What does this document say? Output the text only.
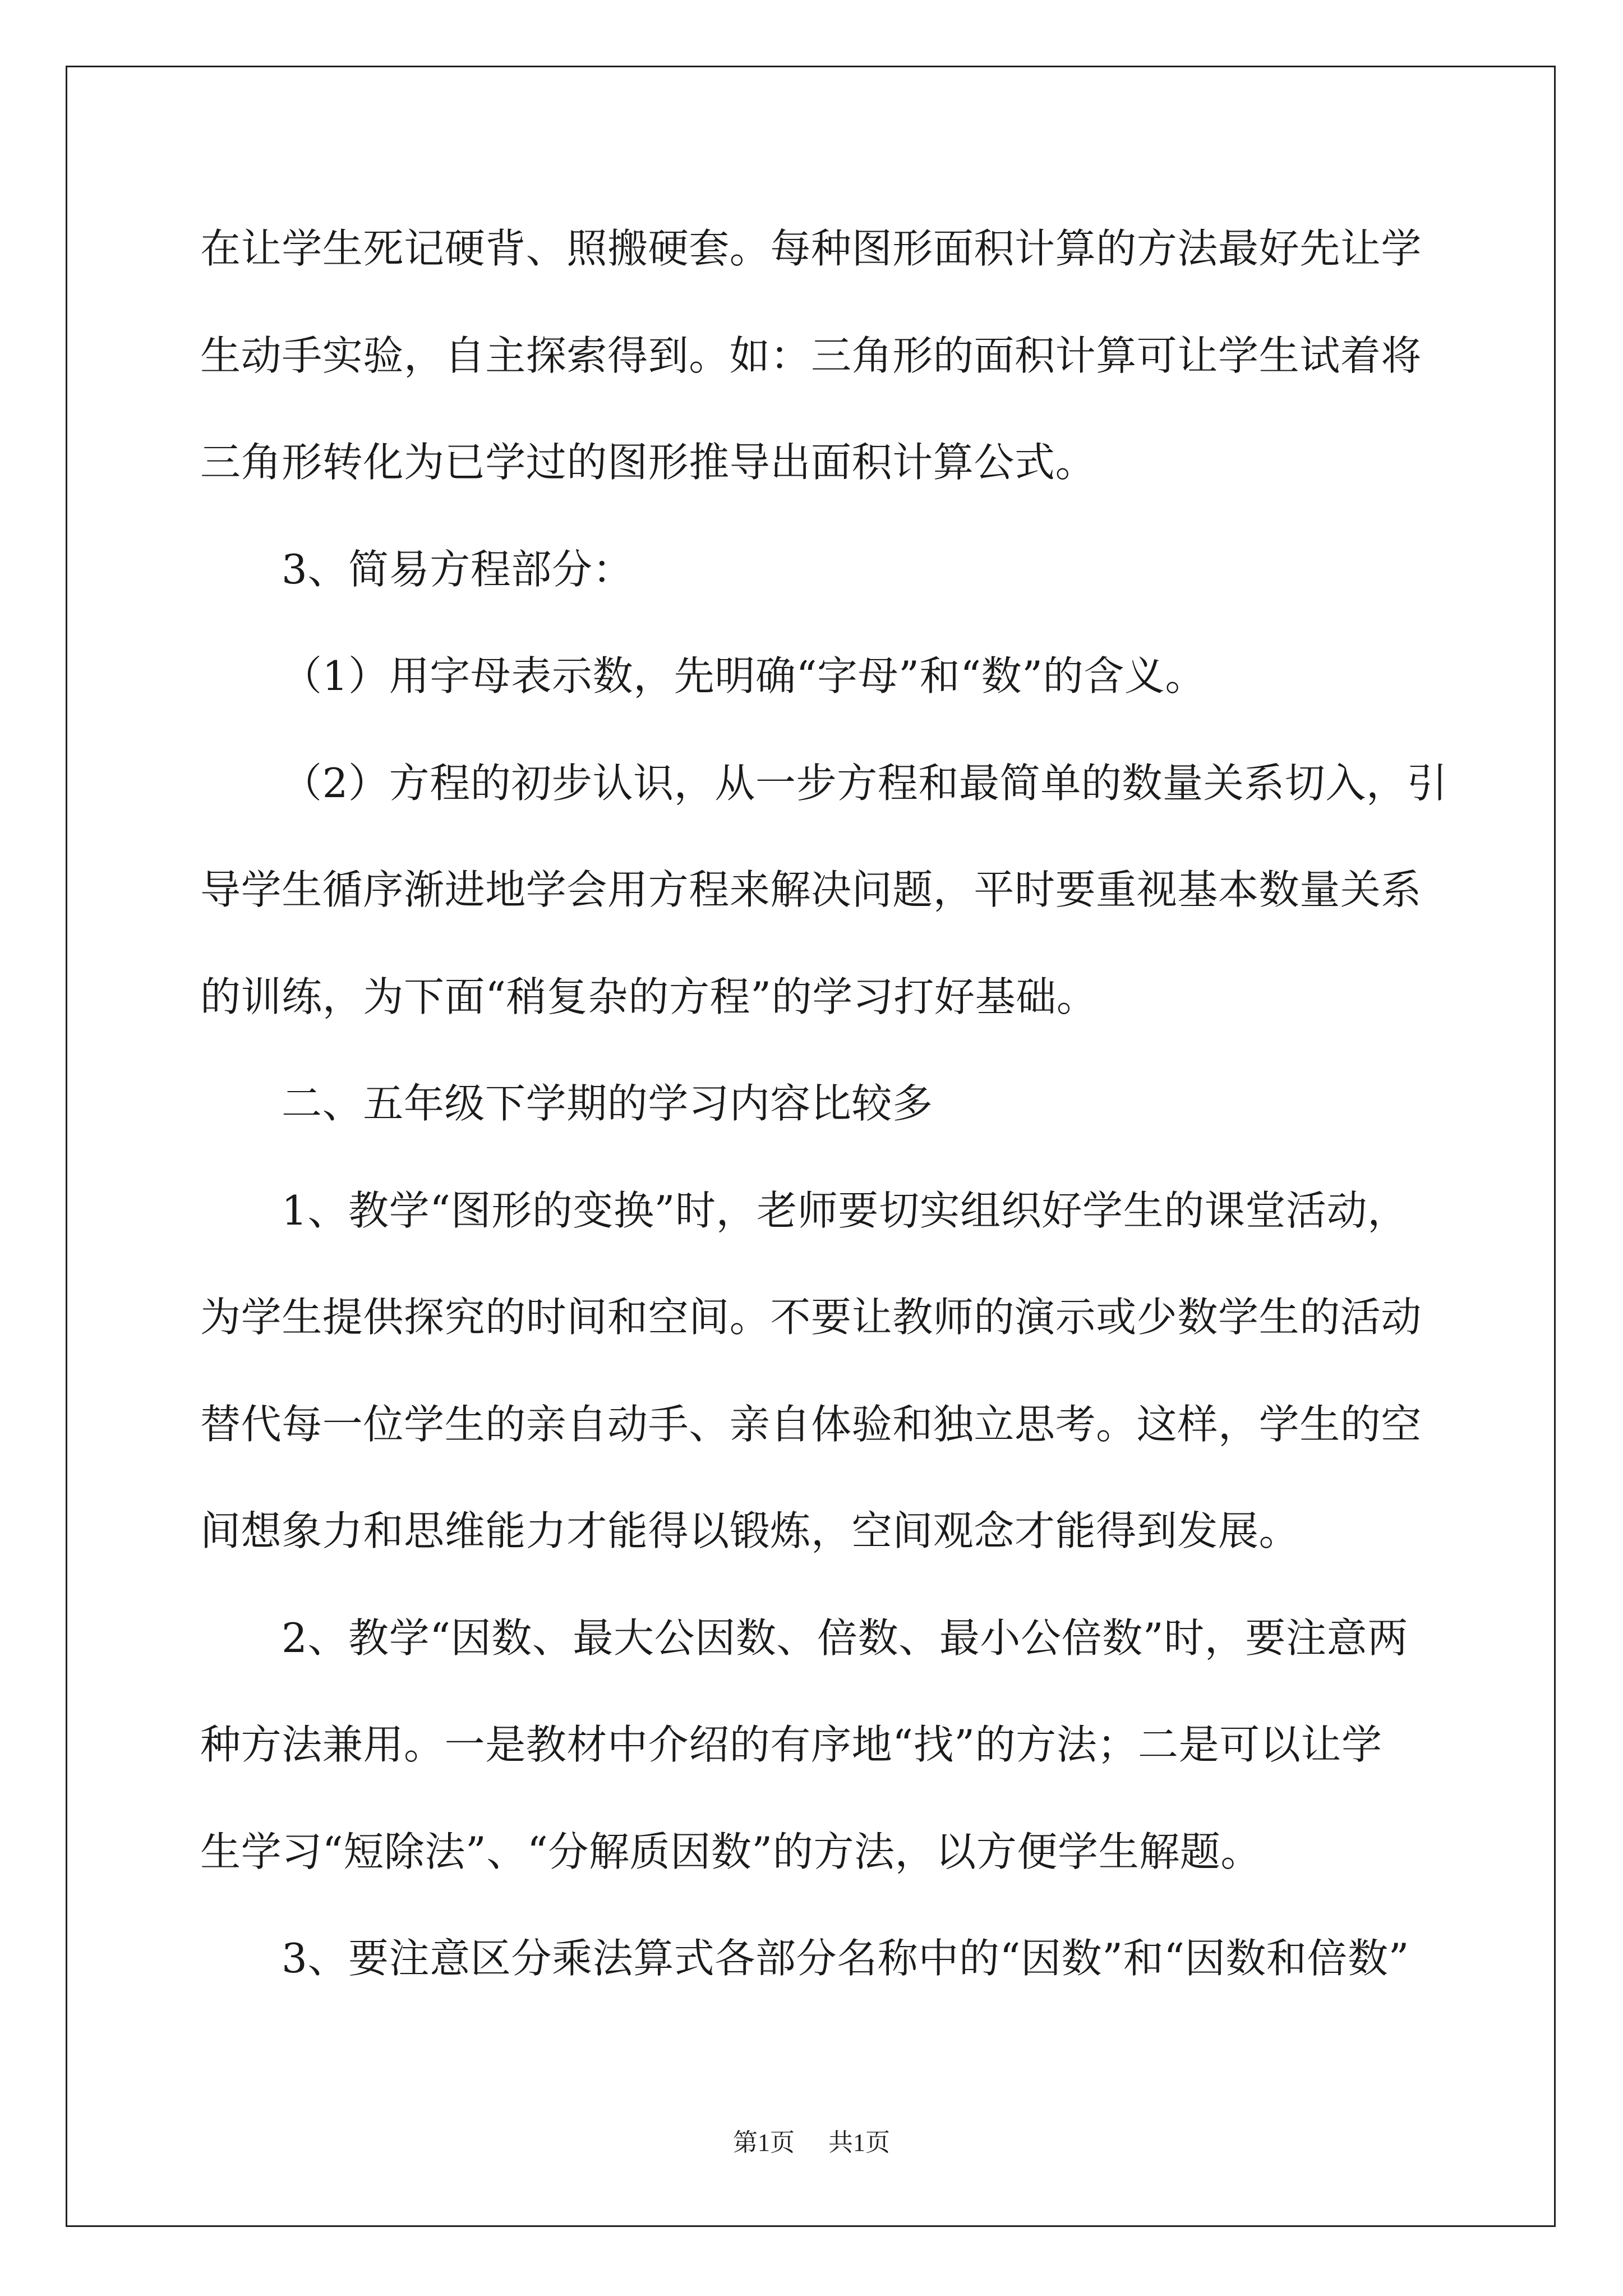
在让学生死记硬背、照搬硬套。每种图形面积计算的方法最好先让学
生动手实验，自主探索得到。如：三角形的面积计算可让学生试着将
三角形转化为已学过的图形推导出面积计算公式。
3、简易方程部分：
（1）用字母表示数，先明确“字母”和“数”的含义。
（2）方程的初步认识，从一步方程和最简单的数量关系切入，引
导学生循序渐进地学会用方程来解决问题，平时要重视基本数量关系
的训练，为下面“稍复杂的方程”的学习打好基础。
二、五年级下学期的学习内容比较多
1、教学“图形的变换”时，老师要切实组织好学生的课堂活动，
为学生提供探究的时间和空间。不要让教师的演示或少数学生的活动
替代每一位学生的亲自动手、亲自体验和独立思考。这样，学生的空
间想象力和思维能力才能得以锻炼，空间观念才能得到发展。
2、教学“因数、最大公因数、倍数、最小公倍数”时，要注意两
种方法兼用。一是教材中介绍的有序地“找”的方法；二是可以让学
生学习“短除法”、“分解质因数”的方法，以方便学生解题。
3、要注意区分乘法算式各部分名称中的“因数”和“因数和倍数”
第1页 共1页
